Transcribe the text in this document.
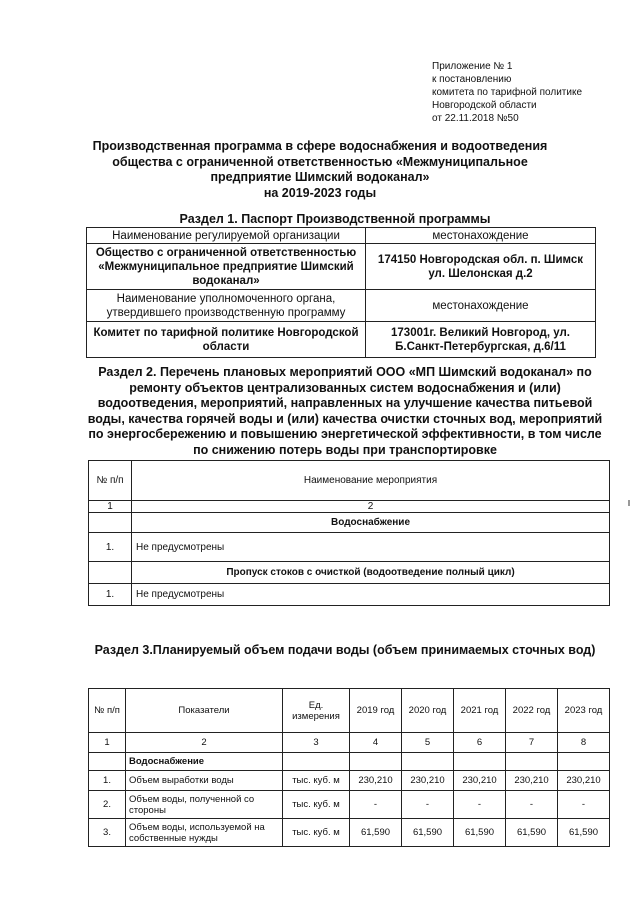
Приложение № 1
к постановлению
комитета по тарифной политике
Новгородской области
от 22.11.2018 №50
Производственная программа в сфере водоснабжения и водоотведения
общества с ограниченной ответственностью «Межмуниципальное
предприятие Шимский водоканал»
на 2019-2023 годы
Раздел 1. Паспорт Производственной программы
Наименование регулируемой организации	местонахождение
Общество с ограниченной ответственностью «Межмуниципальное предприятие Шимский водоканал»	174150 Новгородская обл. п. Шимск ул. Шелонская д.2
Наименование уполномоченного органа, утвердившего производственную программу	местонахождение
Комитет по тарифной политике Новгородской области	173001г. Великий Новгород, ул. Б.Санкт-Петербургская, д.6/11
Раздел 2. Перечень плановых мероприятий ООО «МП Шимский водоканал» по ремонту объектов централизованных систем водоснабжения и (или) водоотведения, мероприятий, направленных на улучшение качества питьевой воды, качества горячей воды и (или) качества очистки сточных вод, мероприятий по энергосбережению и повышению энергетической эффективности, в том числе по снижению потерь воды при транспортировке
№ п/п	Наименование мероприятия
1	2
	Водоснабжение
1.	Не предусмотрены
	Пропуск стоков с очисткой (водоотведение полный цикл)
1.	Не предусмотрены
Раздел 3.Планируемый объем подачи воды (объем принимаемых сточных вод)
№ п/п	Показатели	Ед. измерения	2019 год	2020 год	2021 год	2022 год	2023 год
1	2	3	4	5	6	7	8
	Водоснабжение						
1.	Объем выработки воды	тыс. куб. м	230,210	230,210	230,210	230,210	230,210
2.	Объем воды, полученной со стороны	тыс. куб. м	-	-	-	-	-
3.	Объем воды, используемой на собственные нужды	тыс. куб. м	61,590	61,590	61,590	61,590	61,590
